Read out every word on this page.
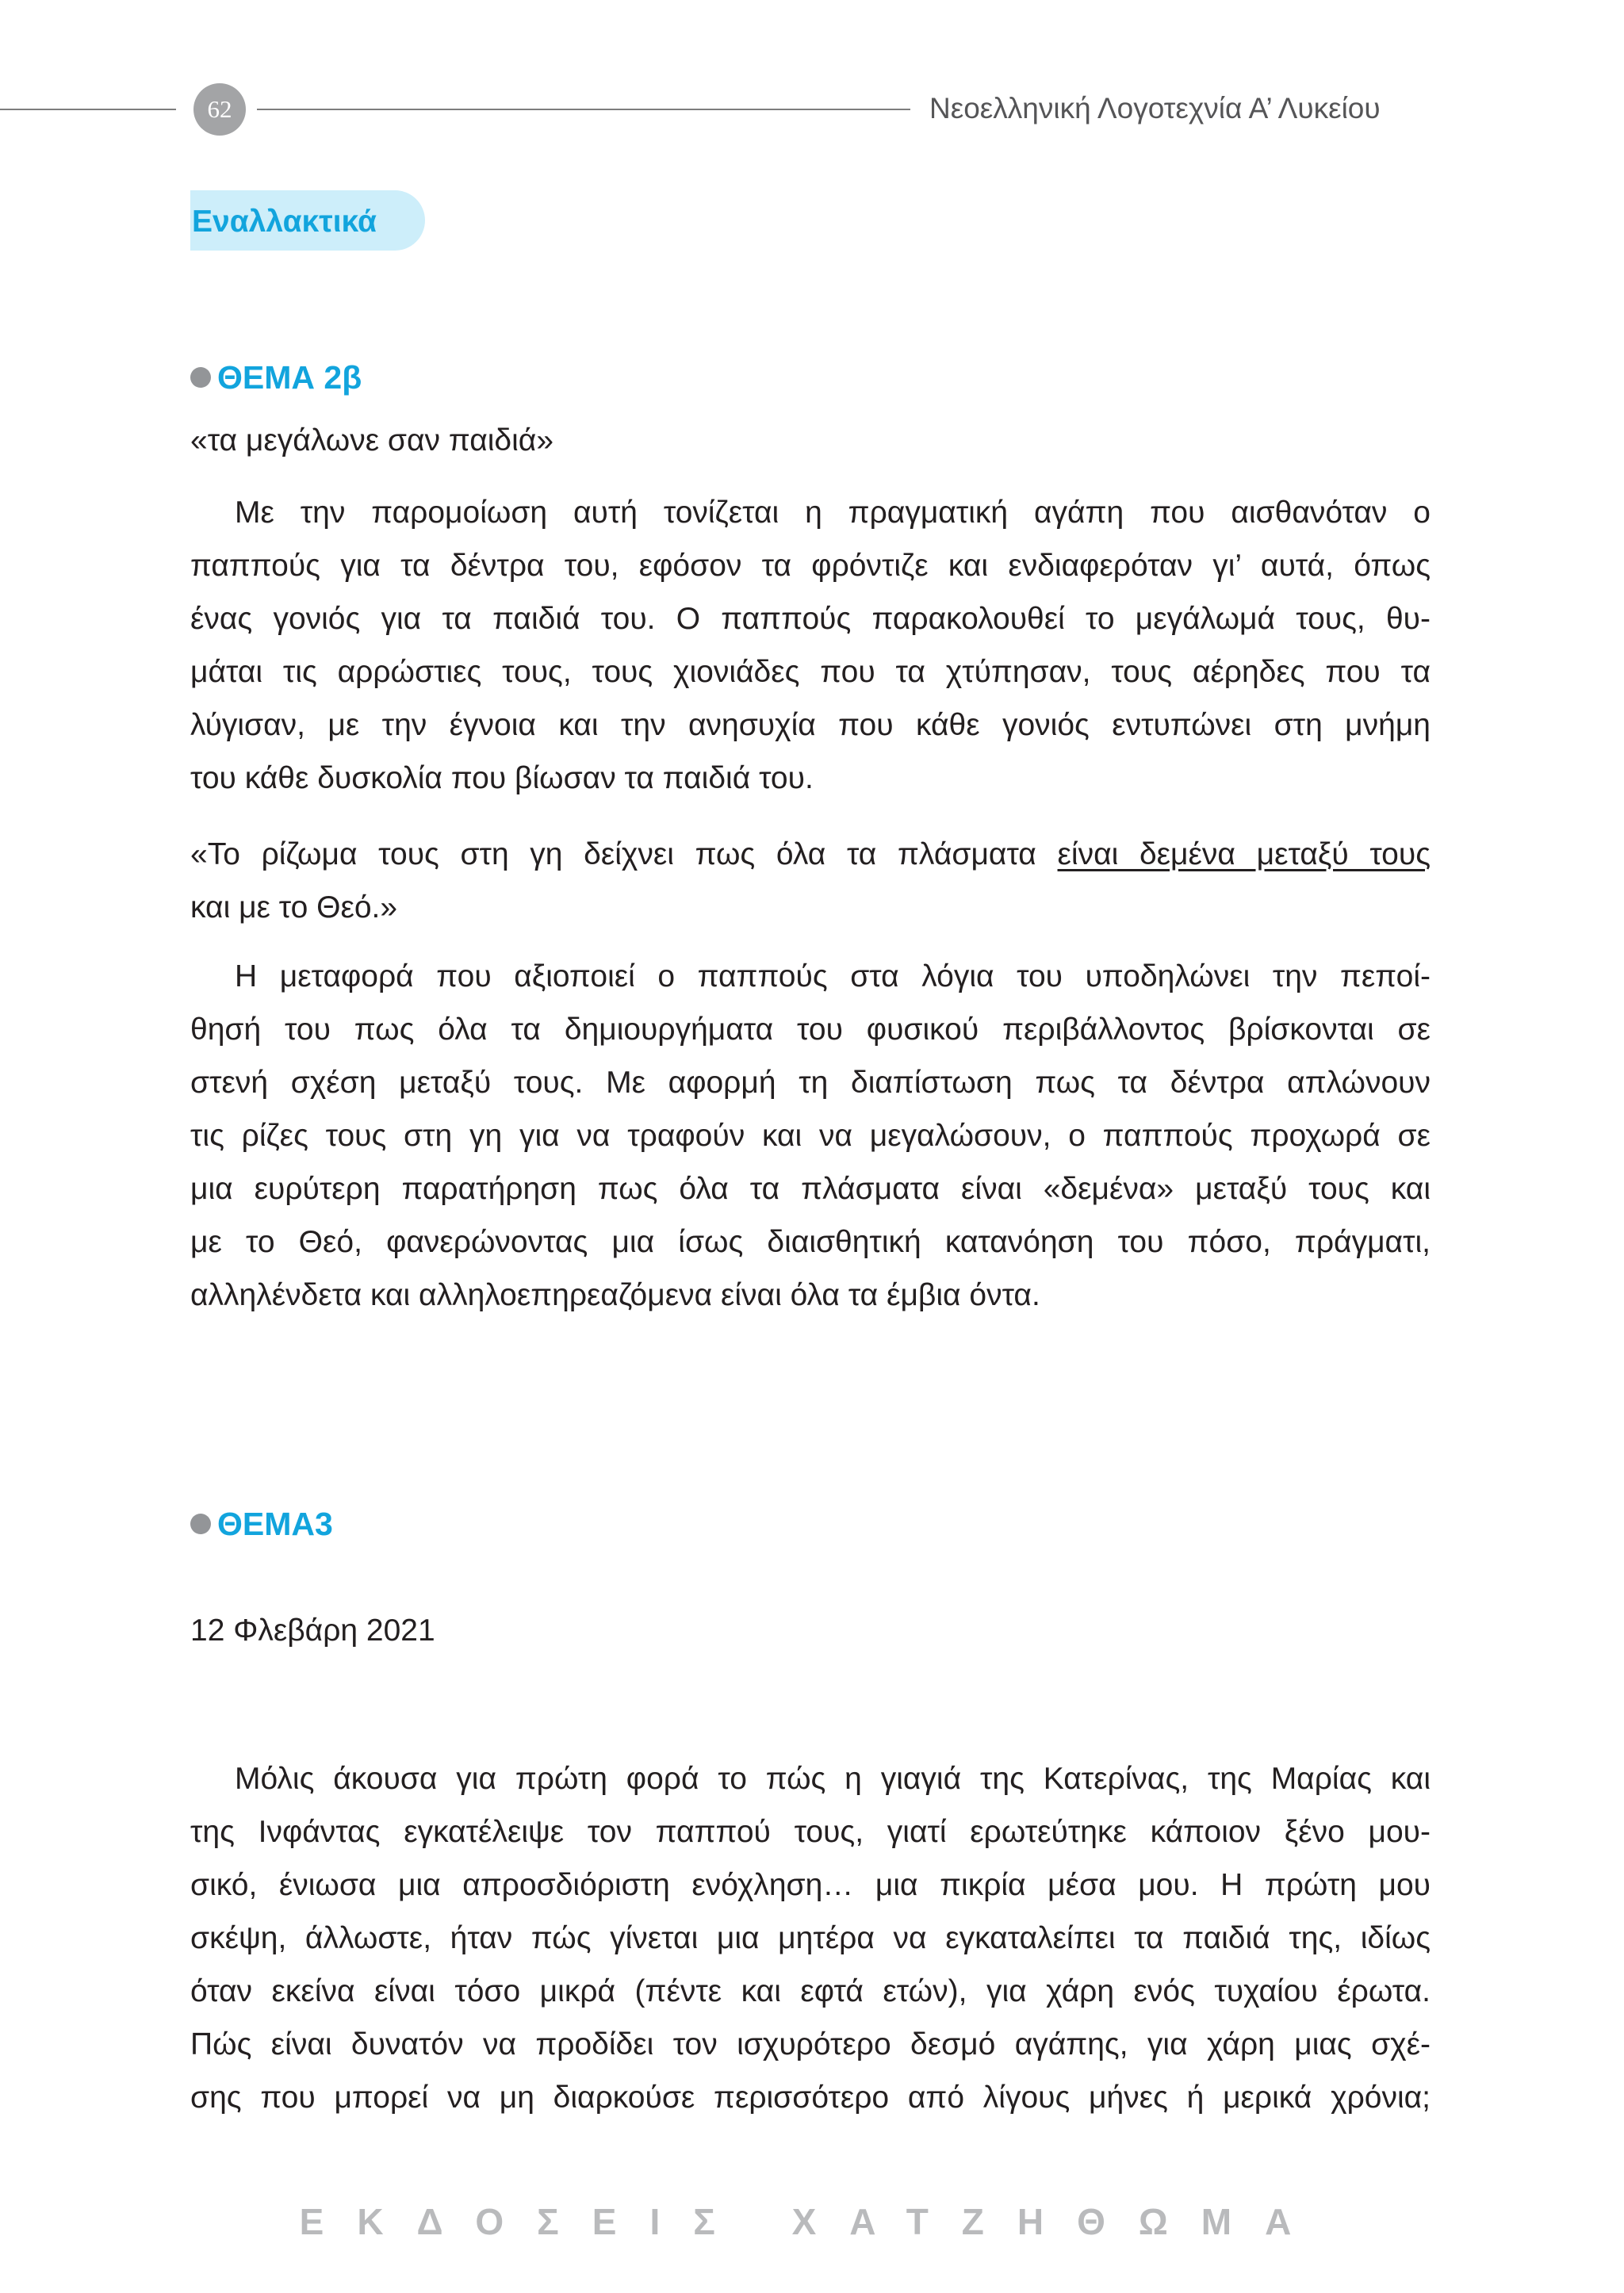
62	Νεοελληνική Λογοτεχνία Α’ Λυκείου
Εναλλακτικά
ΘΕΜΑ 2β
«τα μεγάλωνε σαν παιδιά»
Με την παρομοίωση αυτή τονίζεται η πραγματική αγάπη που αισθανόταν ο
παππούς για τα δέντρα του, εφόσον τα φρόντιζε και ενδιαφερόταν γι’ αυτά, όπως
ένας γονιός για τα παιδιά του. Ο παππούς παρακολουθεί το μεγάλωμά τους, θυ-
μάται τις αρρώστιες τους, τους χιονιάδες που τα χτύπησαν, τους αέρηδες που τα
λύγισαν, με την έγνοια και την ανησυχία που κάθε γονιός εντυπώνει στη μνήμη
του κάθε δυσκολία που βίωσαν τα παιδιά του.
«Το ρίζωμα τους στη γη δείχνει πως όλα τα πλάσματα είναι δεμένα μεταξύ τους
και με το Θεό.»
Η μεταφορά που αξιοποιεί ο παππούς στα λόγια του υποδηλώνει την πεποί-
θησή του πως όλα τα δημιουργήματα του φυσικού περιβάλλοντος βρίσκονται σε
στενή σχέση μεταξύ τους. Με αφορμή τη διαπίστωση πως τα δέντρα απλώνουν
τις ρίζες τους στη γη για να τραφούν και να μεγαλώσουν, ο παππούς προχωρά σε
μια ευρύτερη παρατήρηση πως όλα τα πλάσματα είναι «δεμένα» μεταξύ τους και
με το Θεό, φανερώνοντας μια ίσως διαισθητική κατανόηση του πόσο, πράγματι,
αλληλένδετα και αλληλοεπηρεαζόμενα είναι όλα τα έμβια όντα.
ΘΕΜΑ3
12 Φλεβάρη 2021
Μόλις άκουσα για πρώτη φορά το πώς η γιαγιά της Κατερίνας, της Μαρίας και
της Ινφάντας εγκατέλειψε τον παππού τους, γιατί ερωτεύτηκε κάποιον ξένο μου-
σικό, ένιωσα μια απροσδιόριστη ενόχληση… μια πικρία μέσα μου. Η πρώτη μου
σκέψη, άλλωστε, ήταν πώς γίνεται μια μητέρα να εγκαταλείπει τα παιδιά της, ιδίως
όταν εκείνα είναι τόσο μικρά (πέντε και εφτά ετών), για χάρη ενός τυχαίου έρωτα.
Πώς είναι δυνατόν να προδίδει τον ισχυρότερο δεσμό αγάπης, για χάρη μιας σχέ-
σης που μπορεί να μη διαρκούσε περισσότερο από λίγους μήνες ή μερικά χρόνια;
ΕΚΔΟΣΕΙΣ ΧΑΤΖΗΘΩΜΑ
